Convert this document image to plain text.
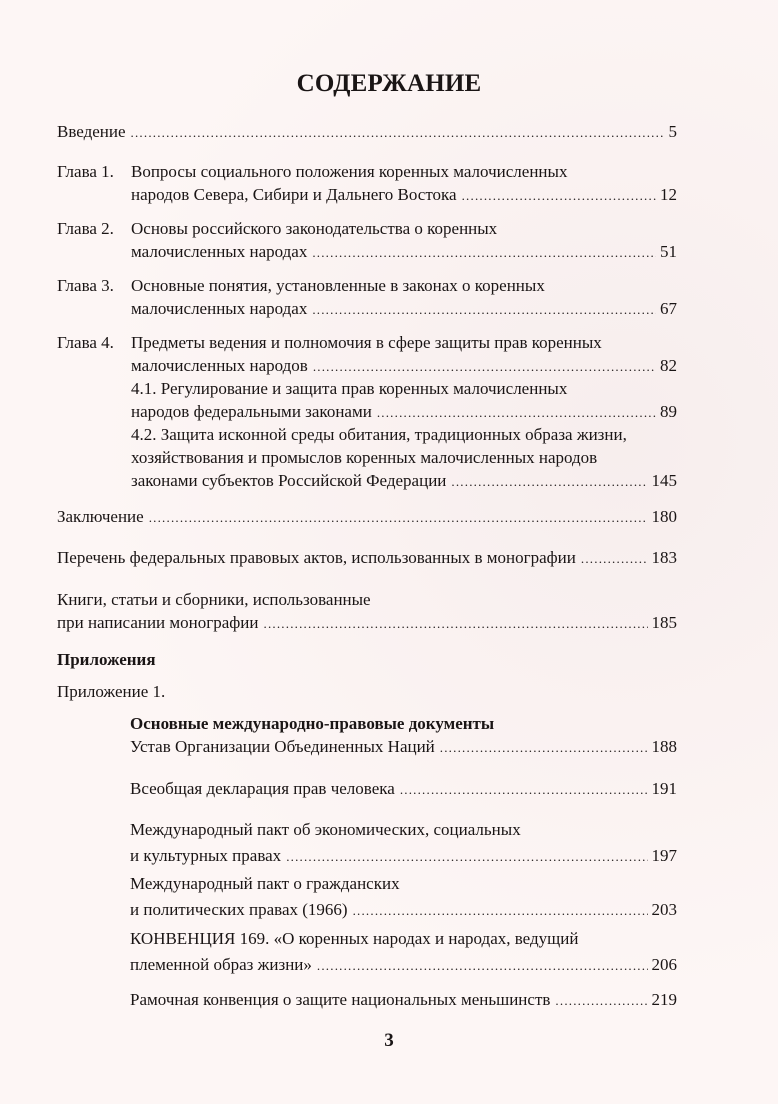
СОДЕРЖАНИЕ
Введение .....	5
Глава 1. Вопросы социального положения коренных малочисленных
народов Севера, Сибири и Дальнего Востока .....	12
Глава 2. Основы российского законодательства о коренных
малочисленных народах .....	51
Глава 3. Основные понятия, установленные в законах о коренных
малочисленных народах .....	67
Глава 4. Предметы ведения и полномочия в сфере защиты прав коренных
малочисленных народов .....	82
4.1. Регулирование и защита прав коренных малочисленных
народов федеральными законами .....	89
4.2. Защита исконной среды обитания, традиционных образа жизни,
хозяйствования и промыслов коренных малочисленных народов
законами субъектов Российской Федерации .....	145
Заключение .....	180
Перечень федеральных правовых актов, использованных в монографии .....	183
Книги, статьи и сборники, использованные
при написании монографии .....	185
Приложения
Приложение 1.
Основные международно-правовые документы
Устав Организации Объединенных Наций .....	188
Всеобщая декларация прав человека .....	191
Международный пакт об экономических, социальных
и культурных правах .....	197
Международный пакт о гражданских
и политических правах (1966) .....	203
КОНВЕНЦИЯ 169. «О коренных народах и народах, ведущий
племенной образ жизни» .....	206
Рамочная конвенция о защите национальных меньшинств .....	219
3
